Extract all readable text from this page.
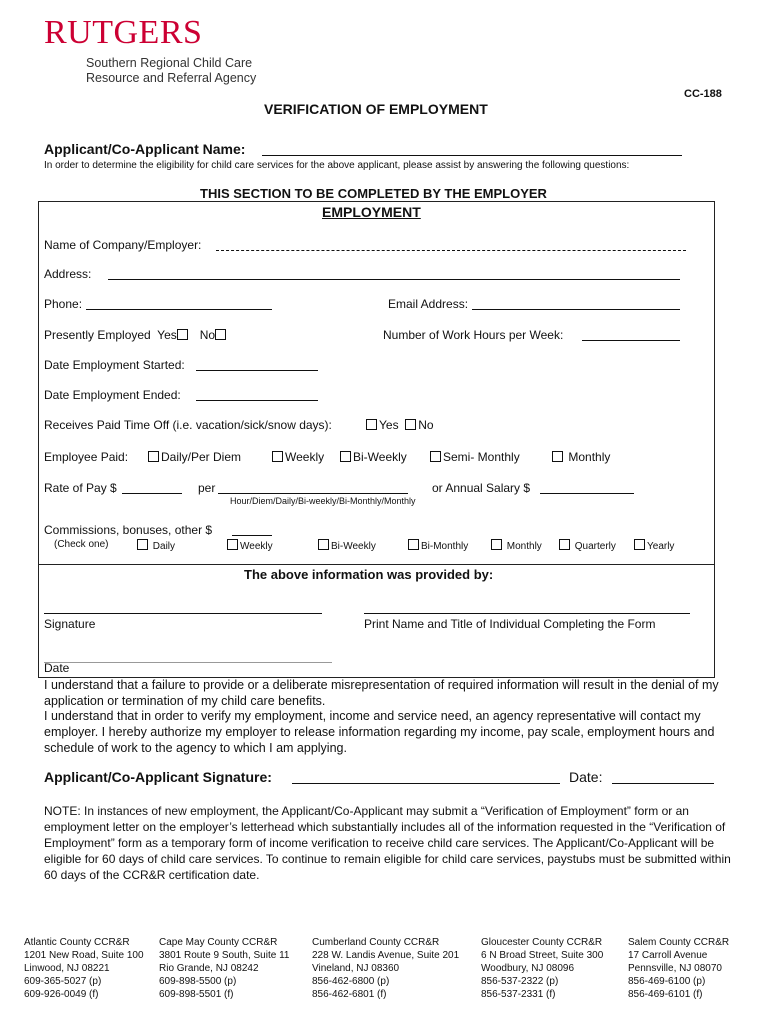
RUTGERS
Southern Regional Child Care
Resource and Referral Agency
CC-188
VERIFICATION OF EMPLOYMENT
Applicant/Co-Applicant Name:
In order to determine the eligibility for child care services for the above applicant, please assist by answering the following questions:
THIS SECTION TO BE COMPLETED BY THE EMPLOYER
EMPLOYMENT
Name of Company/Employer:
Address:
Phone:	Email Address:
Presently Employed Yes No	Number of Work Hours per Week:
Date Employment Started:
Date Employment Ended:
Receives Paid Time Off (i.e. vacation/sick/snow days):	Yes No
Employee Paid:	Daily/Per Diem	Weekly	Bi-Weekly	Semi- Monthly	Monthly
Rate of Pay $	per
Hour/Diem/Daily/Bi-weekly/Bi-Monthly/Monthly
or Annual Salary $
Commissions, bonuses, other $
(Check one)	Daily	Weekly	Bi-Weekly	Bi-Monthly	Monthly	Quarterly	Yearly
The above information was provided by:
Signature	Print Name and Title of Individual Completing the Form
Date
I understand that a failure to provide or a deliberate misrepresentation of required information will result in the denial of my application or termination of my child care benefits.
I understand that in order to verify my employment, income and service need, an agency representative will contact my employer. I hereby authorize my employer to release information regarding my income, pay scale, employment hours and schedule of work to the agency to which I am applying.
Applicant/Co-Applicant Signature:	Date:
NOTE: In instances of new employment, the Applicant/Co-Applicant may submit a “Verification of Employment” form or an employment letter on the employer’s letterhead which substantially includes all of the information requested in the “Verification of Employment” form as a temporary form of income verification to receive child care services. The Applicant/Co-Applicant will be eligible for 60 days of child care services. To continue to remain eligible for child care services, paystubs must be submitted within 60 days of the CCR&R certification date.
Atlantic County CCR&R
1201 New Road, Suite 100
Linwood, NJ 08221
609-365-5027 (p)
609-926-0049 (f)
Cape May County CCR&R
3801 Route 9 South, Suite 11
Rio Grande, NJ 08242
609-898-5500 (p)
609-898-5501 (f)
Cumberland County CCR&R
228 W. Landis Avenue, Suite 201
Vineland, NJ 08360
856-462-6800 (p)
856-462-6801 (f)
Gloucester County CCR&R
6 N Broad Street, Suite 300
Woodbury, NJ 08096
856-537-2322 (p)
856-537-2331 (f)
Salem County CCR&R
17 Carroll Avenue
Pennsville, NJ 08070
856-469-6100 (p)
856-469-6101 (f)
